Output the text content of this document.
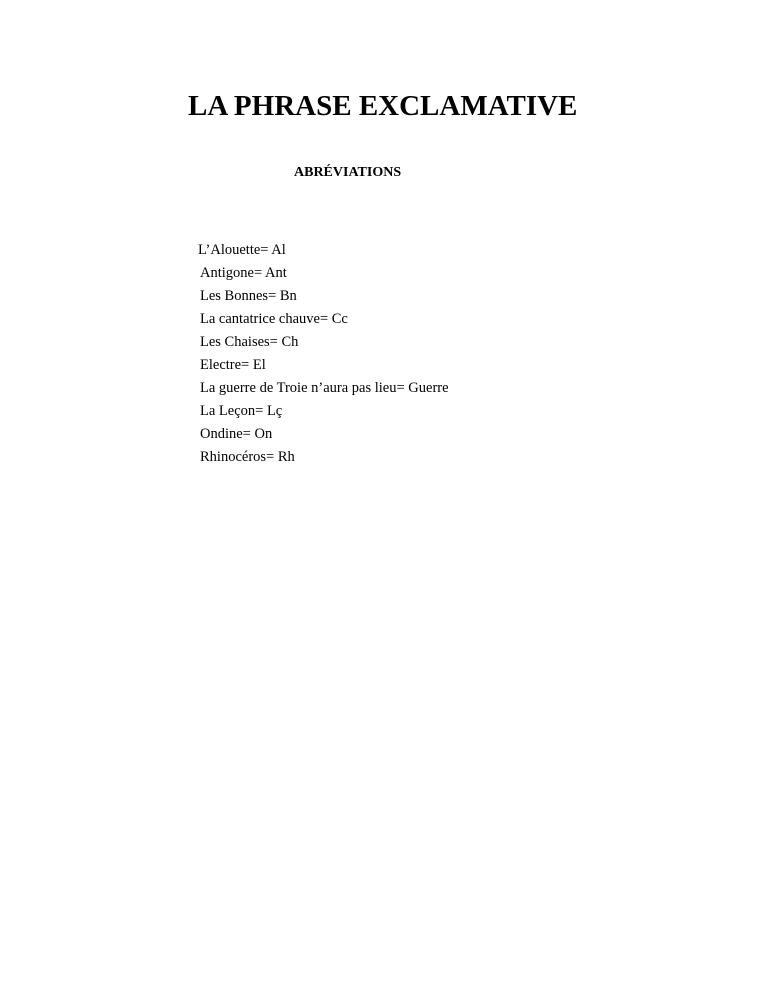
LA PHRASE EXCLAMATIVE
ABRÉVIATIONS
L’Alouette= Al
Antigone= Ant
Les Bonnes= Bn
La cantatrice chauve= Cc
Les Chaises= Ch
Electre= El
La guerre de Troie n’aura pas lieu= Guerre
La Leçon= Lç
Ondine= On
Rhinocéros= Rh
